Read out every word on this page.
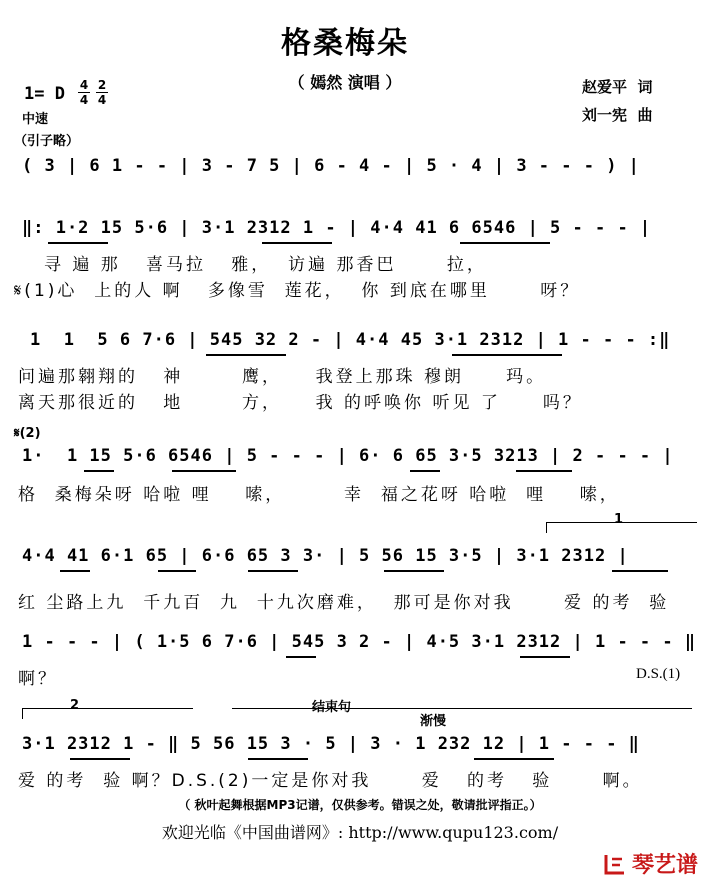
格桑梅朵
（ 嫣然 演唱 ）
1= D 4
4
2
4
赵爱平  词
刘一宪  曲
中速
（引子略）
( 3 | 6 1 - - | 3 - 7 5 | 6 - 4 - | 5 · 4 | 3 - - - ) |
‖: 1·2 15 5·6 | 3·1 2312 1 - | 4·4 41 6 6546 | 5 - - - |
寻 遍 那   喜马拉   雅，  访遍 那香巴      拉，
𝄋(1)心  上的人 啊   多像雪  莲花，  你 到底在哪里      呀？
1  1  5 6 7·6 | 545 32 2 - | 4·4 45 3·1 2312 | 1 - - - :‖
问遍那翱翔的   神       鹰，    我登上那珠 穆朗     玛。
离天那很近的   地       方，    我 的呼唤你 听见 了     吗？
𝄋(2)
1·  1 15 5·6 6546 | 5 - - - | 6· 6 65 3·5 3213 | 2 - - - |
格  桑梅朵呀 哈啦 哩    嗦，       幸  福之花呀 哈啦  哩    嗦，
1
4·4 41 6·1 65 | 6·6 65 3 3· | 5 56 15 3·5 | 3·1 2312 |
红 尘路上九  千九百  九  十九次磨难，  那可是你对我      爱 的考  验
1 - - - | ( 1·5 6 7·6 | 545 3 2 - | 4·5 3·1 2312 | 1 - - - ‖
啊？	D.S.(1)
2	结束句
渐慢
3·1 2312 1 - ‖ 5 56 15 3 · 5 | 3 · 1 232 12 | 1 - - - ‖
爱 的考  验 啊？D.S.(2)一定是你对我      爱   的考   验      啊。
（ 秋叶起舞根据MP3记谱，仅供参考。错误之处，敬请批评指正。）
欢迎光临《中国曲谱网》: http://www.qupu123.com/
琴艺谱
